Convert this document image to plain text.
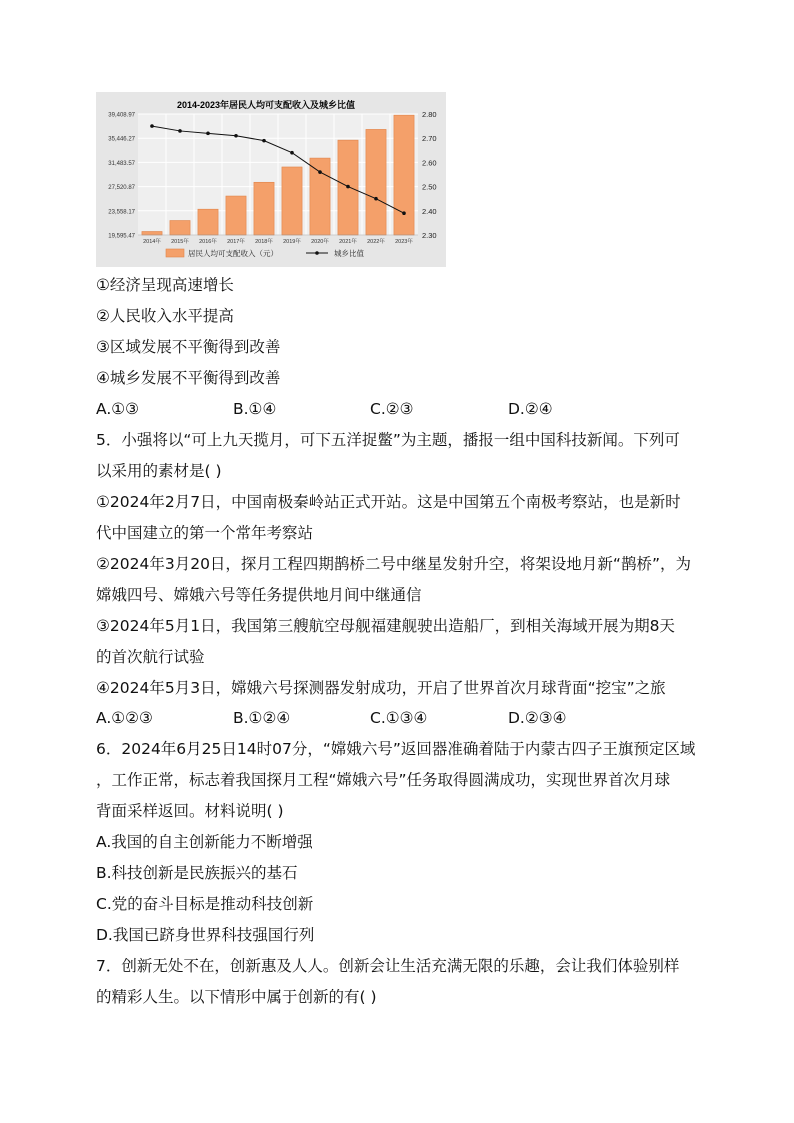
2014-2023年居民人均可支配收入及城乡比值
39,408.97
35,446.27
31,483.57
27,520.87
23,558.17
19,595.47
2.80
2.70
2.60
2.50
2.40
2.30
2014年 2015年 2016年 2017年 2018年 2019年 2020年 2021年 2022年 2023年
居民人均可支配收入（元）	城乡比值
①经济呈现高速增长
②人民收入水平提高
③区域发展不平衡得到改善
④城乡发展不平衡得到改善
A.①③	B.①④	C.②③	D.②④
5．小强将以“可上九天揽月，可下五洋捉鳖”为主题，播报一组中国科技新闻。下列可
以采用的素材是( )
①2024年2月7日，中国南极秦岭站正式开站。这是中国第五个南极考察站，也是新时
代中国建立的第一个常年考察站
②2024年3月20日，探月工程四期鹊桥二号中继星发射升空，将架设地月新“鹊桥”，为
嫦娥四号、嫦娥六号等任务提供地月间中继通信
③2024年5月1日，我国第三艘航空母舰福建舰驶出造船厂，到相关海域开展为期8天
的首次航行试验
④2024年5月3日，嫦娥六号探测器发射成功，开启了世界首次月球背面“挖宝”之旅
A.①②③	B.①②④	C.①③④	D.②③④
6．2024年6月25日14时07分，“嫦娥六号”返回器准确着陆于内蒙古四子王旗预定区域
，工作正常，标志着我国探月工程“嫦娥六号”任务取得圆满成功，实现世界首次月球
背面采样返回。材料说明( )
A.我国的自主创新能力不断增强
B.科技创新是民族振兴的基石
C.党的奋斗目标是推动科技创新
D.我国已跻身世界科技强国行列
7．创新无处不在，创新惠及人人。创新会让生活充满无限的乐趣，会让我们体验别样
的精彩人生。以下情形中属于创新的有( )
